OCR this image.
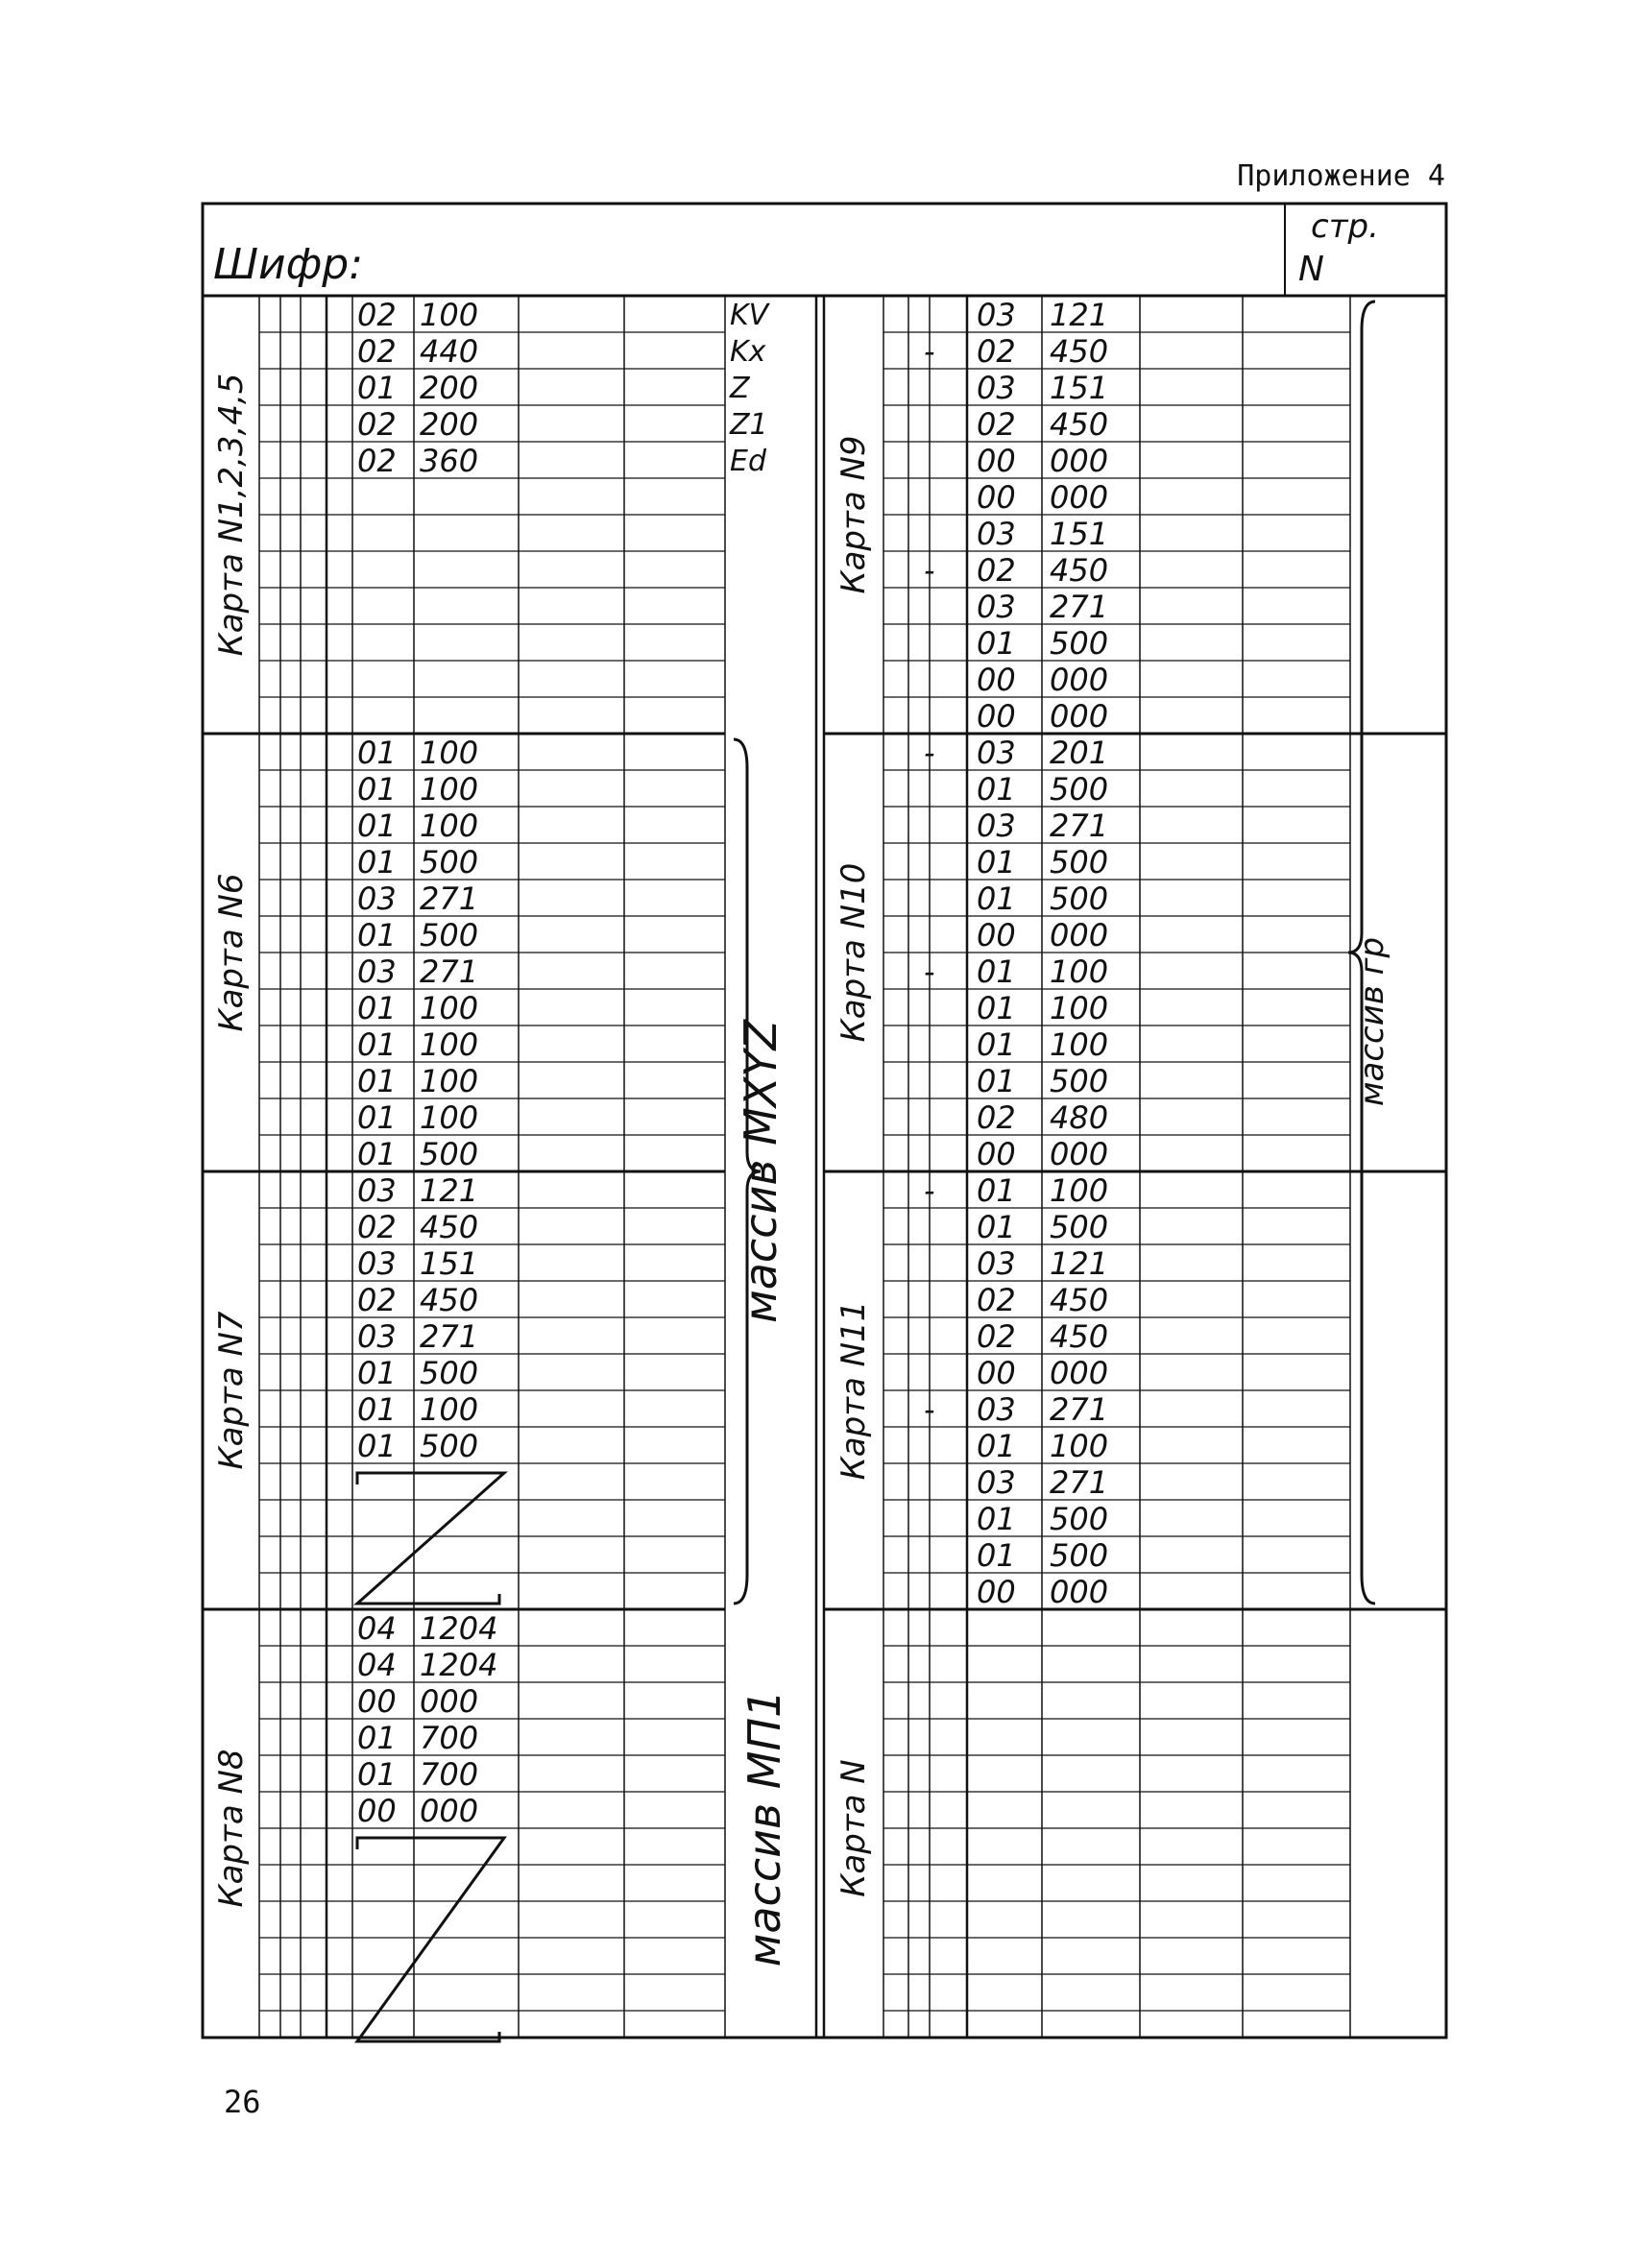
Приложение 4
26
Шифр:
стр.
N
Карта N1,2,3,4,5
Карта N6
Карта N7
Карта N8
Карта N9
Карта N10
Карта N11
Карта N
02 100
02 440
01 200
02 200
02 360
KV
Kx
Z
Z1
Ed
01 100
01 100
01 100
01 500
03 271
01 500
03 271
01 100
01 100
01 100
01 100
01 500
03 121
02 450
03 151
02 450
03 271
01 500
01 100
01 500
04 1204
04 1204
00 000
01 700
01 700
00 000
03 121
- 02 450
03 151
02 450
00 000
00 000
03 151
- 02 450
03 271
01 500
00 000
00 000
- 03 201
01 500
03 271
01 500
01 500
00 000
- 01 100
01 100
01 100
01 500
02 480
00 000
- 01 100
01 500
03 121
02 450
02 450
00 000
- 03 271
01 100
03 271
01 500
01 500
00 000
массив MXYZ
массив МП1
массив гр
